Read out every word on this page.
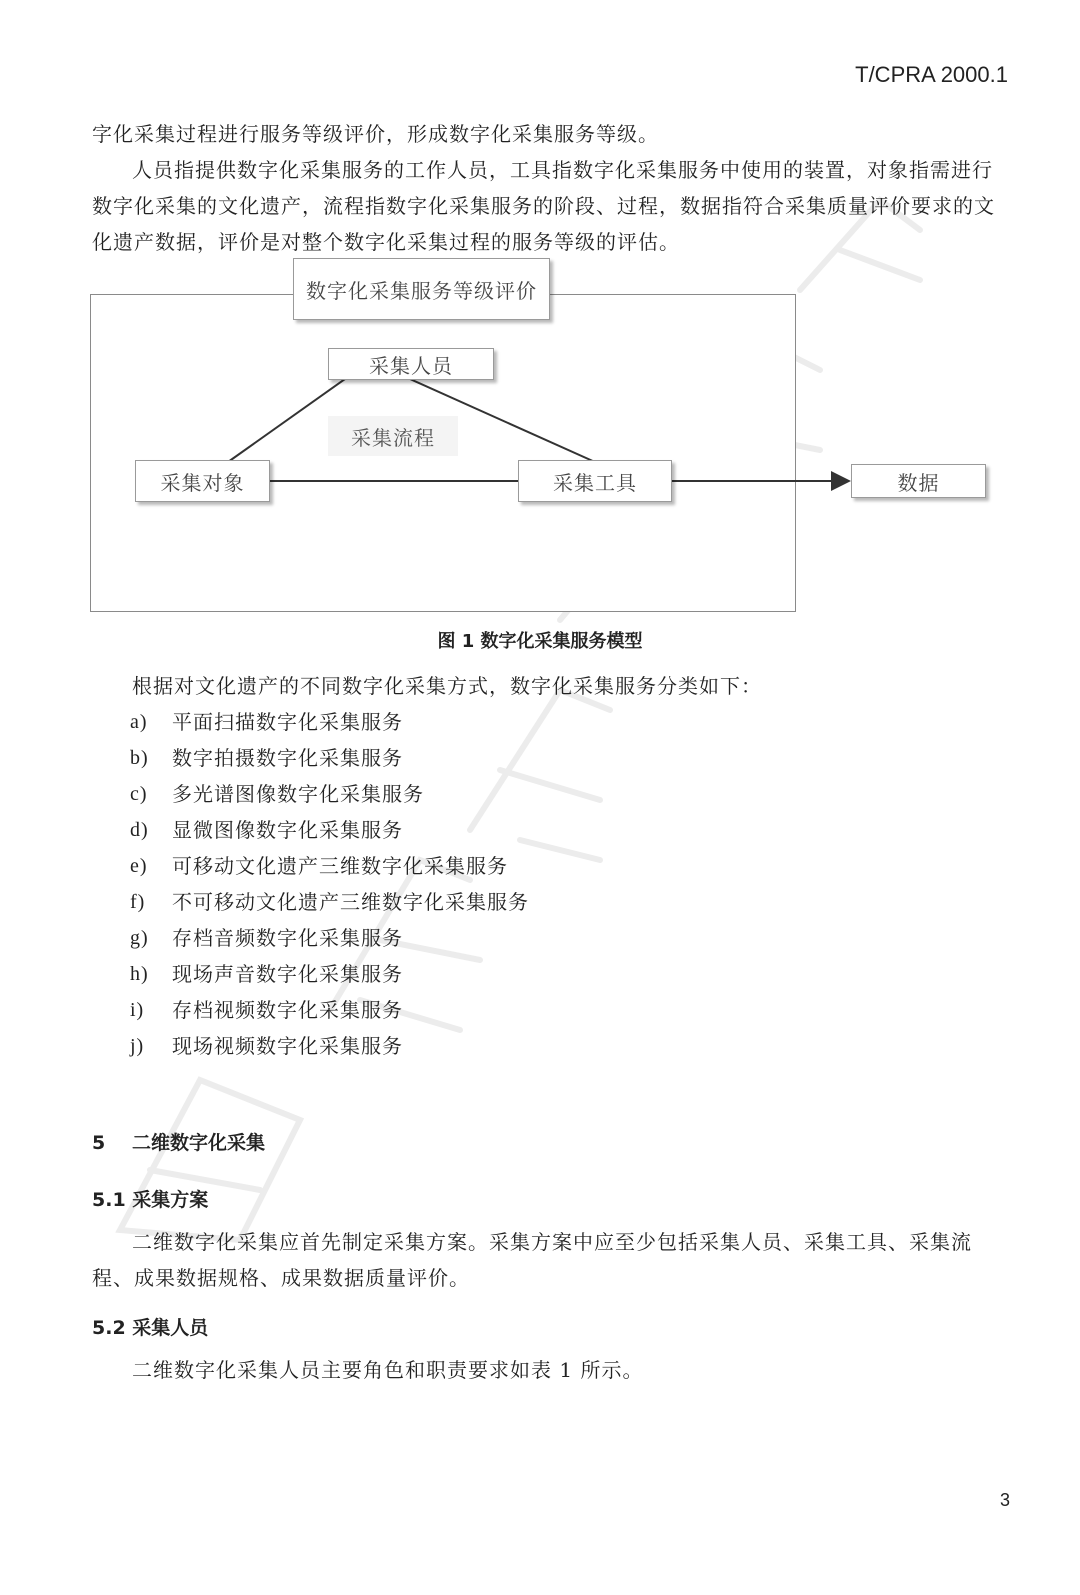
T/CPRA 2000.1

字化采集过程进行服务等级评价，形成数字化采集服务等级。

人员指提供数字化采集服务的工作人员，工具指数字化采集服务中使用的装置，对象指需进行数字化采集的文化遗产，流程指数字化采集服务的阶段、过程，数据指符合采集质量评价要求的文化遗产数据，评价是对整个数字化采集过程的服务等级的评估。

数字化采集服务等级评价
采集人员
采集流程
采集对象	采集工具	数据
图 1 数字化采集服务模型

根据对文化遗产的不同数字化采集方式，数字化采集服务分类如下：

a)	平面扫描数字化采集服务
b)	数字拍摄数字化采集服务
c)	多光谱图像数字化采集服务
d)	显微图像数字化采集服务
e)	可移动文化遗产三维数字化采集服务
f)	不可移动文化遗产三维数字化采集服务
g)	存档音频数字化采集服务
h)	现场声音数字化采集服务
i)	存档视频数字化采集服务
j)	现场视频数字化采集服务
5 二维数字化采集
5.1 采集方案

二维数字化采集应首先制定采集方案。采集方案中应至少包括采集人员、采集工具、采集流程、成果数据规格、成果数据质量评价。

5.2 采集人员

二维数字化采集人员主要角色和职责要求如表 1 所示。

3
